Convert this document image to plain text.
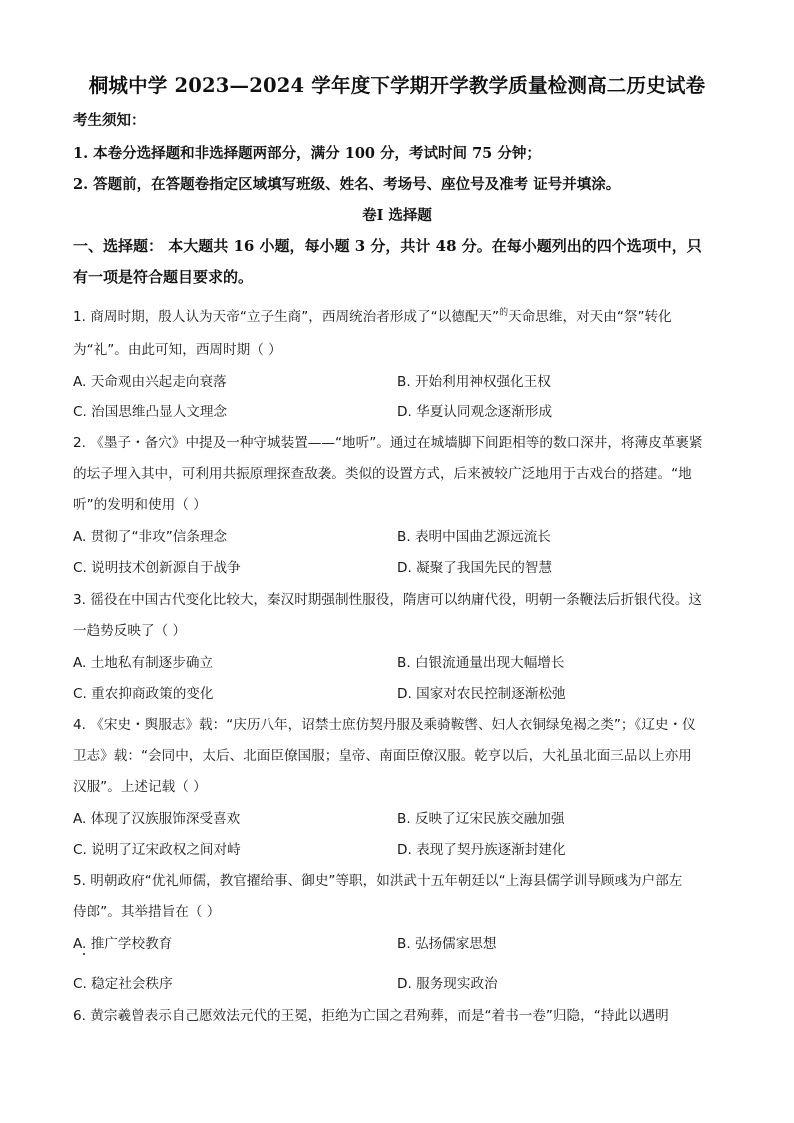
桐城中学 2023—2024 学年度下学期开学教学质量检测高二历史试卷
考生须知：
1. 本卷分选择题和非选择题两部分，满分 100 分，考试时间 75 分钟；
2. 答题前，在答题卷指定区域填写班级、姓名、考场号、座位号及准考 证号并填涂。
卷Ⅰ 选择题
一、选择题： 本大题共 16 小题，每小题 3 分，共计 48 分。在每小题列出的四个选项中，只
有一项是符合题目要求的。
1. 商周时期，殷人认为天帝“立子生商”，西周统治者形成了“以德配天”$^的$天命思维，对天由“祭”转化
为“礼”。由此可知，西周时期（ ）
A. 天命观由兴起走向衰落	B. 开始利用神权强化王权
C. 治国思维凸显人文理念	D. 华夏认同观念逐渐形成
2. 《墨子・备穴》中提及一种守城装置——“地听”。通过在城墙脚下间距相等的数口深井，将薄皮革裹紧
的坛子埋入其中，可利用共振原理探查敌袭。类似的设置方式，后来被较广泛地用于古戏台的搭建。“地
听”的发明和使用（ ）
A. 贯彻了“非攻”信条理念	B. 表明中国曲艺源远流长
C. 说明技术创新源自于战争	D. 凝聚了我国先民的智慧
3. 徭役在中国古代变化比较大，秦汉时期强制性服役，隋唐可以纳庸代役，明朝一条鞭法后折银代役。这
一趋势反映了（ ）
A. 土地私有制逐步确立	B. 白银流通量出现大幅增长
C. 重农抑商政策的变化	D. 国家对农民控制逐渐松弛
4. 《宋史・舆服志》载：“庆历八年，诏禁士庶仿契丹服及乘骑鞍辔、妇人衣铜绿兔褐之类”；《辽史・仪
卫志》载：“会同中，太后、北面臣僚国服；皇帝、南面臣僚汉服。乾亨以后，大礼虽北面三品以上亦用
汉服”。上述记载（ ）
A. 体现了汉族服饰深受喜欢	B. 反映了辽宋民族交融加强
C. 说明了辽宋政权之间对峙	D. 表现了契丹族逐渐封建化
5. 明朝政府“优礼师儒，教官擢给事、御史”等职，如洪武十五年朝廷以“上海县儒学训导顾彧为户部左
侍郎”。其举措旨在（ ）
A. 推广学校教育	B. 弘扬儒家思想
C. 稳定社会秩序	D. 服务现实政治
6. 黄宗羲曾表示自己愿效法元代的王冕，拒绝为亡国之君殉葬，而是“着书一卷”归隐，“持此以遇明
